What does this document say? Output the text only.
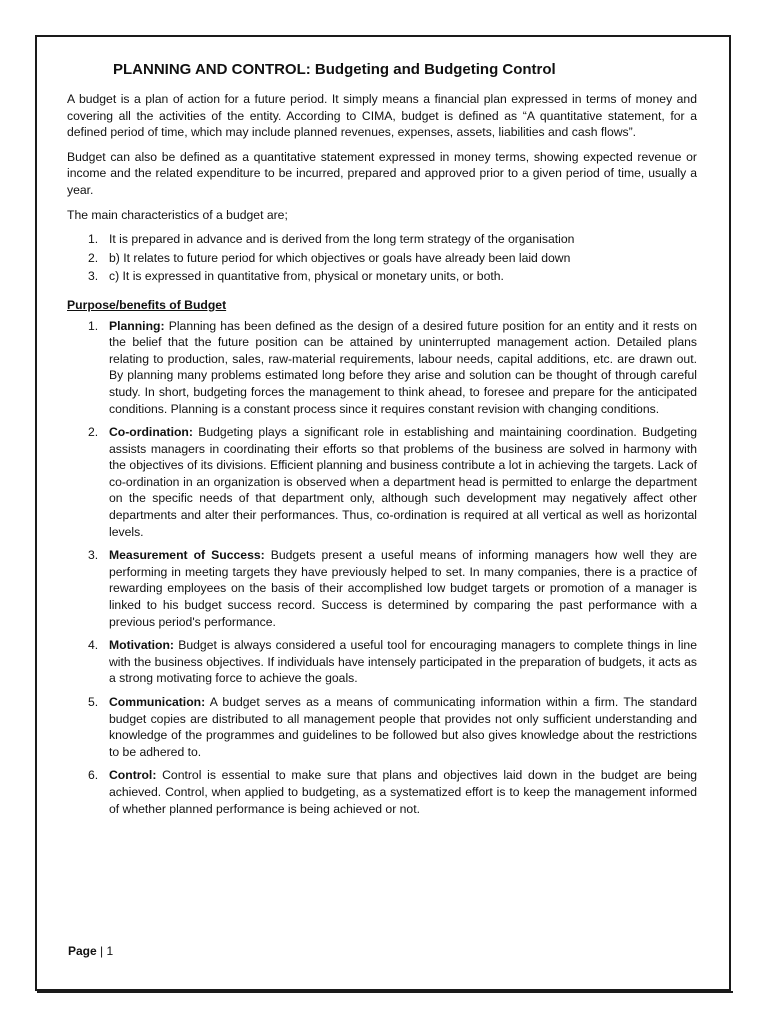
PLANNING AND CONTROL: Budgeting and Budgeting Control

A budget is a plan of action for a future period. It simply means a financial plan expressed in terms of money and covering all the activities of the entity. According to CIMA, budget is defined as “A quantitative statement, for a defined period of time, which may include planned revenues, expenses, assets, liabilities and cash flows”.

Budget can also be defined as a quantitative statement expressed in money terms, showing expected revenue or income and the related expenditure to be incurred, prepared and approved prior to a given period of time, usually a year.

The main characteristics of a budget are;

1. It is prepared in advance and is derived from the long term strategy of the organisation
2. b) It relates to future period for which objectives or goals have already been laid down
3. c) It is expressed in quantitative from, physical or monetary units, or both.
Purpose/benefits of Budget
1. Planning: Planning has been defined as the design of a desired future position for an entity and it rests on the belief that the future position can be attained by uninterrupted management action. Detailed plans relating to production, sales, raw-material requirements, labour needs, capital additions, etc. are drawn out. By planning many problems estimated long before they arise and solution can be thought of through careful study. In short, budgeting forces the management to think ahead, to foresee and prepare for the anticipated conditions. Planning is a constant process since it requires constant revision with changing conditions.
2. Co-ordination: Budgeting plays a significant role in establishing and maintaining coordination. Budgeting assists managers in coordinating their efforts so that problems of the business are solved in harmony with the objectives of its divisions. Efficient planning and business contribute a lot in achieving the targets. Lack of co-ordination in an organization is observed when a department head is permitted to enlarge the department on the specific needs of that department only, although such development may negatively affect other departments and alter their performances. Thus, co-ordination is required at all vertical as well as horizontal levels.
3. Measurement of Success: Budgets present a useful means of informing managers how well they are performing in meeting targets they have previously helped to set. In many companies, there is a practice of rewarding employees on the basis of their accomplished low budget targets or promotion of a manager is linked to his budget success record. Success is determined by comparing the past performance with a previous period's performance.
4. Motivation: Budget is always considered a useful tool for encouraging managers to complete things in line with the business objectives. If individuals have intensely participated in the preparation of budgets, it acts as a strong motivating force to achieve the goals.
5. Communication: A budget serves as a means of communicating information within a firm. The standard budget copies are distributed to all management people that provides not only sufficient understanding and knowledge of the programmes and guidelines to be followed but also gives knowledge about the restrictions to be adhered to.
6. Control: Control is essential to make sure that plans and objectives laid down in the budget are being achieved. Control, when applied to budgeting, as a systematized effort is to keep the management informed of whether planned performance is being achieved or not.
Page | 1
